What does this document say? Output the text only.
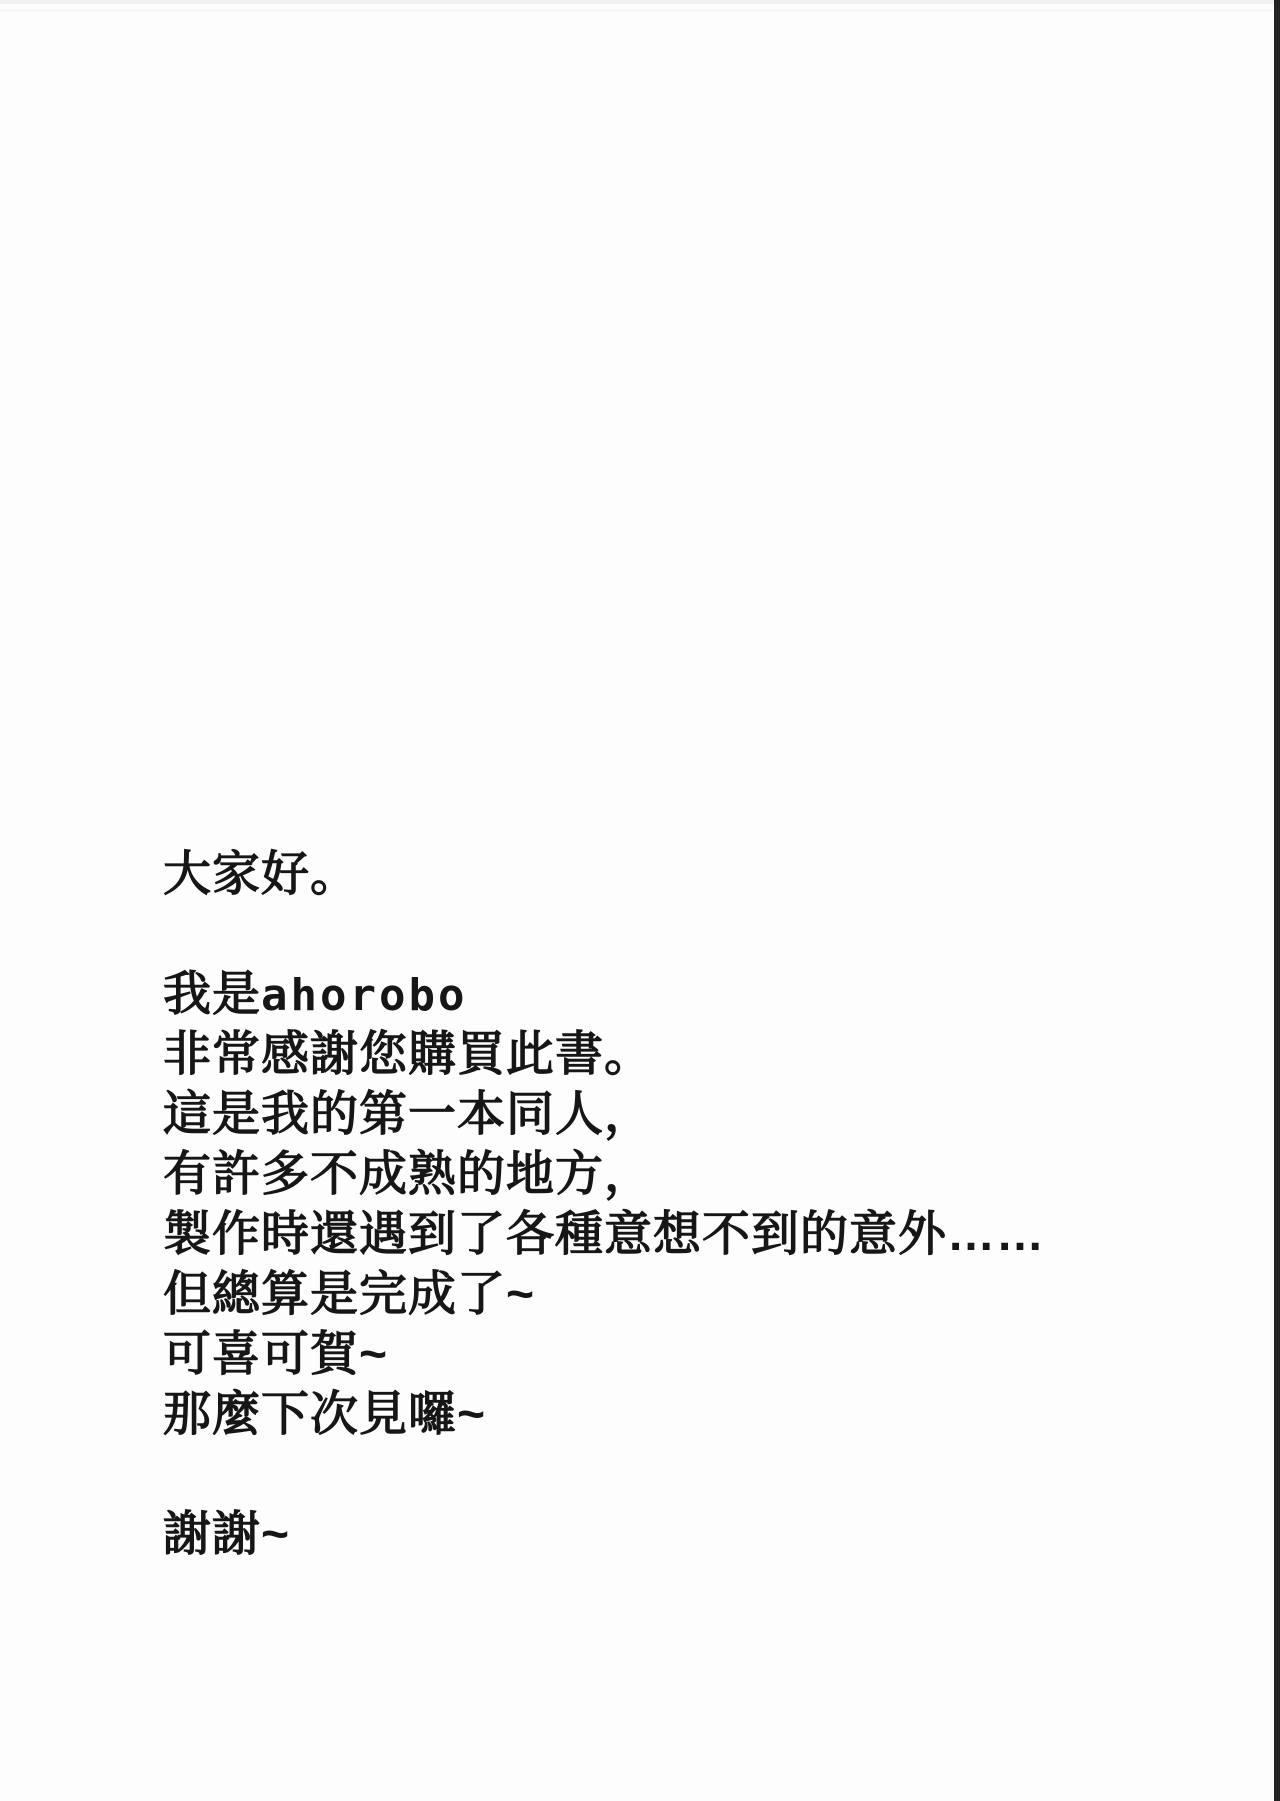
大家好。
我是ahorobo
非常感謝您購買此書。
這是我的第一本同人，
有許多不成熟的地方，
製作時還遇到了各種意想不到的意外……
但總算是完成了~
可喜可賀~
那麼下次見囉~
謝謝~
